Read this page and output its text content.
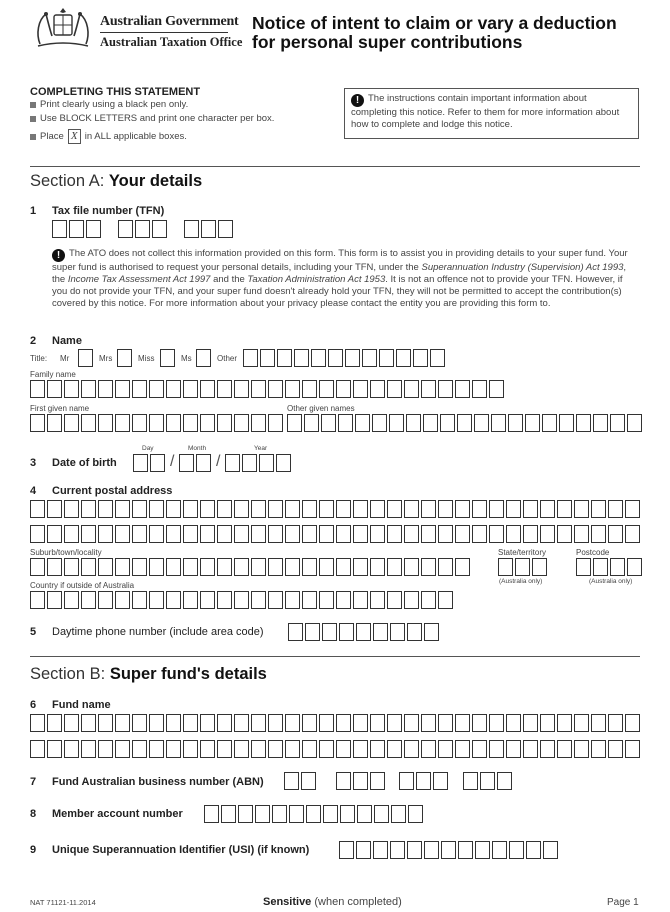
Australian Government
Australian Taxation Office
Notice of intent to claim or vary a deduction
for personal super contributions
COMPLETING THIS STATEMENT
Print clearly using a black pen only.
Use BLOCK LETTERS and print one character per box.
Place X in ALL applicable boxes.
! The instructions contain important information about completing this notice. Refer to them for more information about how to complete and lodge this notice.
Section A: Your details
1 Tax file number (TFN)
! The ATO does not collect this information provided on this form. This form is to assist you in providing details to your super fund. Your super fund is authorised to request your personal details, including your TFN, under the Superannuation Industry (Supervision) Act 1993, the Income Tax Assessment Act 1997 and the Taxation Administration Act 1953. It is not an offence not to provide your TFN. However, if you do not provide your TFN, and your super fund doesn't already hold your TFN, they will not be permitted to accept the contribution(s) covered by this notice. For more information about your privacy please contact the entity you are providing this form to.
2 Name
Title: Mr	Mrs	Miss	Ms	Other
Family name
First given name	Other given names
Day	Month	Year
3 Date of birth	/	/
4 Current postal address
Suburb/town/locality	State/territory
(Australia only)
Postcode
(Australia only)
Country if outside of Australia
5 Daytime phone number (include area code)
Section B: Super fund's details
6 Fund name
7 Fund Australian business number (ABN)
8 Member account number
9 Unique Superannuation Identifier (USI) (if known)
NAT 71121-11.2014	Sensitive (when completed)	Page 1
